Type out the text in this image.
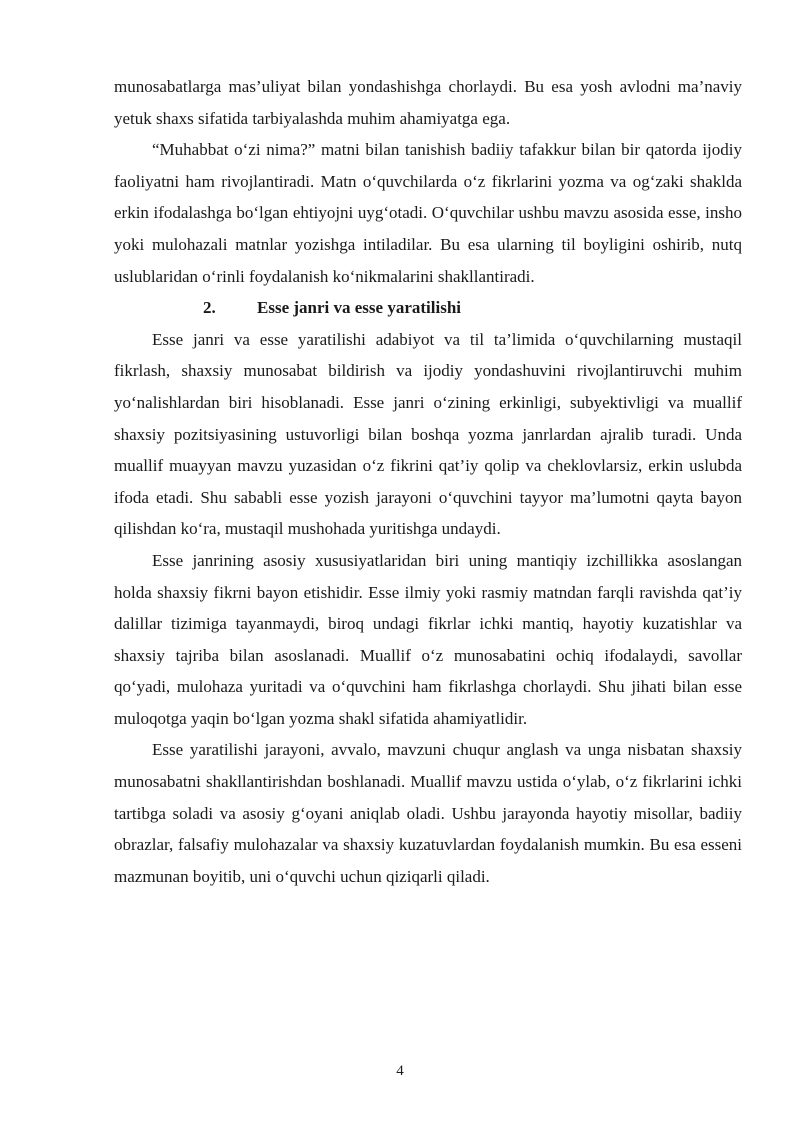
munosabatlarga mas’uliyat bilan yondashishga chorlaydi. Bu esa yosh avlodni ma’naviy yetuk shaxs sifatida tarbiyalashda muhim ahamiyatga ega.

“Muhabbat o‘zi nima?” matni bilan tanishish badiiy tafakkur bilan bir qatorda ijodiy faoliyatni ham rivojlantiradi. Matn o‘quvchilarda o‘z fikrlarini yozma va og‘zaki shaklda erkin ifodalashga bo‘lgan ehtiyojni uyg‘otadi. O‘quvchilar ushbu mavzu asosida esse, insho yoki mulohazali matnlar yozishga intiladilar. Bu esa ularning til boyligini oshirib, nutq uslublaridan o‘rinli foydalanish ko‘nikmalarini shakllantiradi.

2. Esse janri va esse yaratilishi

Esse janri va esse yaratilishi adabiyot va til ta’limida o‘quvchilarning mustaqil fikrlash, shaxsiy munosabat bildirish va ijodiy yondashuvini rivojlantiruvchi muhim yo‘nalishlardan biri hisoblanadi. Esse janri o‘zining erkinligi, subyektivligi va muallif shaxsiy pozitsiyasining ustuvorligi bilan boshqa yozma janrlardan ajralib turadi. Unda muallif muayyan mavzu yuzasidan o‘z fikrini qat’iy qolip va cheklovlarsiz, erkin uslubda ifoda etadi. Shu sababli esse yozish jarayoni o‘quvchini tayyor ma’lumotni qayta bayon qilishdan ko‘ra, mustaqil mushohada yuritishga undaydi.

Esse janrining asosiy xususiyatlaridan biri uning mantiqiy izchillikka asoslangan holda shaxsiy fikrni bayon etishidir. Esse ilmiy yoki rasmiy matndan farqli ravishda qat’iy dalillar tizimiga tayanmaydi, biroq undagi fikrlar ichki mantiq, hayotiy kuzatishlar va shaxsiy tajriba bilan asoslanadi. Muallif o‘z munosabatini ochiq ifodalaydi, savollar qo‘yadi, mulohaza yuritadi va o‘quvchini ham fikrlashga chorlaydi. Shu jihati bilan esse muloqotga yaqin bo‘lgan yozma shakl sifatida ahamiyatlidir.

Esse yaratilishi jarayoni, avvalo, mavzuni chuqur anglash va unga nisbatan shaxsiy munosabatni shakllantirishdan boshlanadi. Muallif mavzu ustida o‘ylab, o‘z fikrlarini ichki tartibga soladi va asosiy g‘oyani aniqlab oladi. Ushbu jarayonda hayotiy misollar, badiiy obrazlar, falsafiy mulohazalar va shaxsiy kuzatuvlardan foydalanish mumkin. Bu esa esseni mazmunan boyitib, uni o‘quvchi uchun qiziqarli qiladi.

4
